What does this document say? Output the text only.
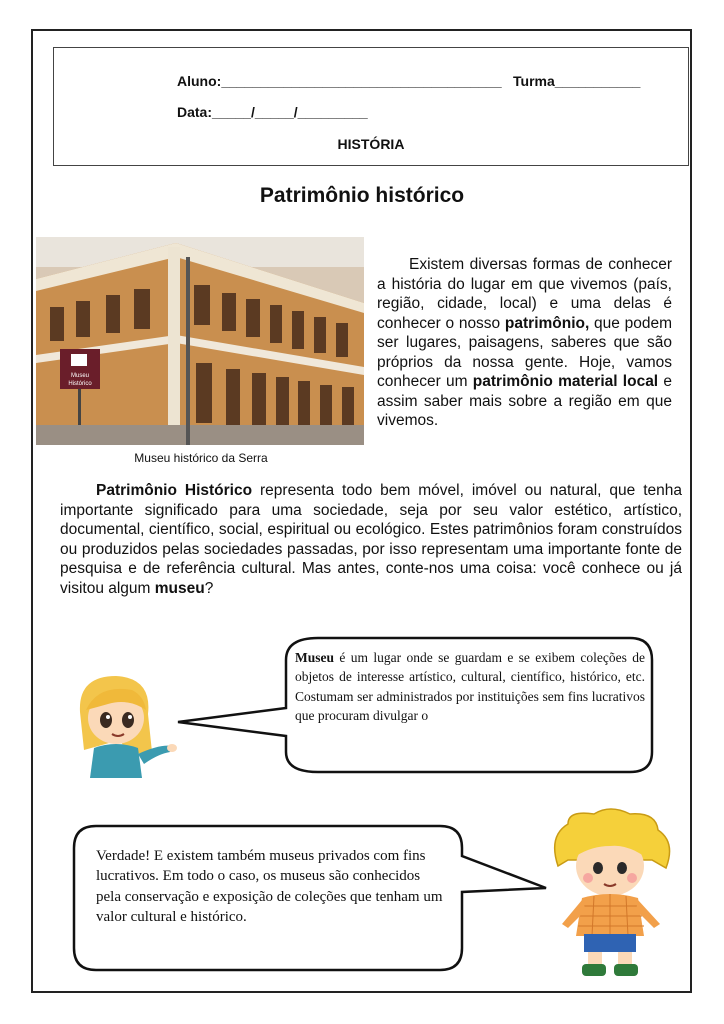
Aluno:____________________________________ Turma___________
Data:_____/_____/_________
HISTÓRIA
Patrimônio histórico
Museu
Histórico
Museu histórico da Serra

Existem diversas formas de conhecer a história do lugar em que vivemos (país, região, cidade, local) e uma delas é conhecer o nosso patrimônio, que podem ser lugares, paisagens, saberes que são próprios da nossa gente. Hoje, vamos conhecer um patrimônio material local e assim saber mais sobre a região em que vivemos.

Patrimônio Histórico representa todo bem móvel, imóvel ou natural, que tenha importante significado para uma sociedade, seja por seu valor estético, artístico, documental, científico, social, espiritual ou ecológico. Estes patrimônios foram construídos ou produzidos pelas sociedades passadas, por isso representam uma importante fonte de pesquisa e de referência cultural. Mas antes, conte-nos uma coisa: você conhece ou já visitou algum museu?

Museu é um lugar onde se guardam e se exibem coleções de objetos de interesse artístico, cultural, científico, histórico, etc. Costumam ser administrados por instituições sem fins lucrativos que procuram divulgar o

Verdade! E existem também museus privados com fins lucrativos. Em todo o caso, os museus são conhecidos pela conservação e exposição de coleções que tenham um valor cultural e histórico.
